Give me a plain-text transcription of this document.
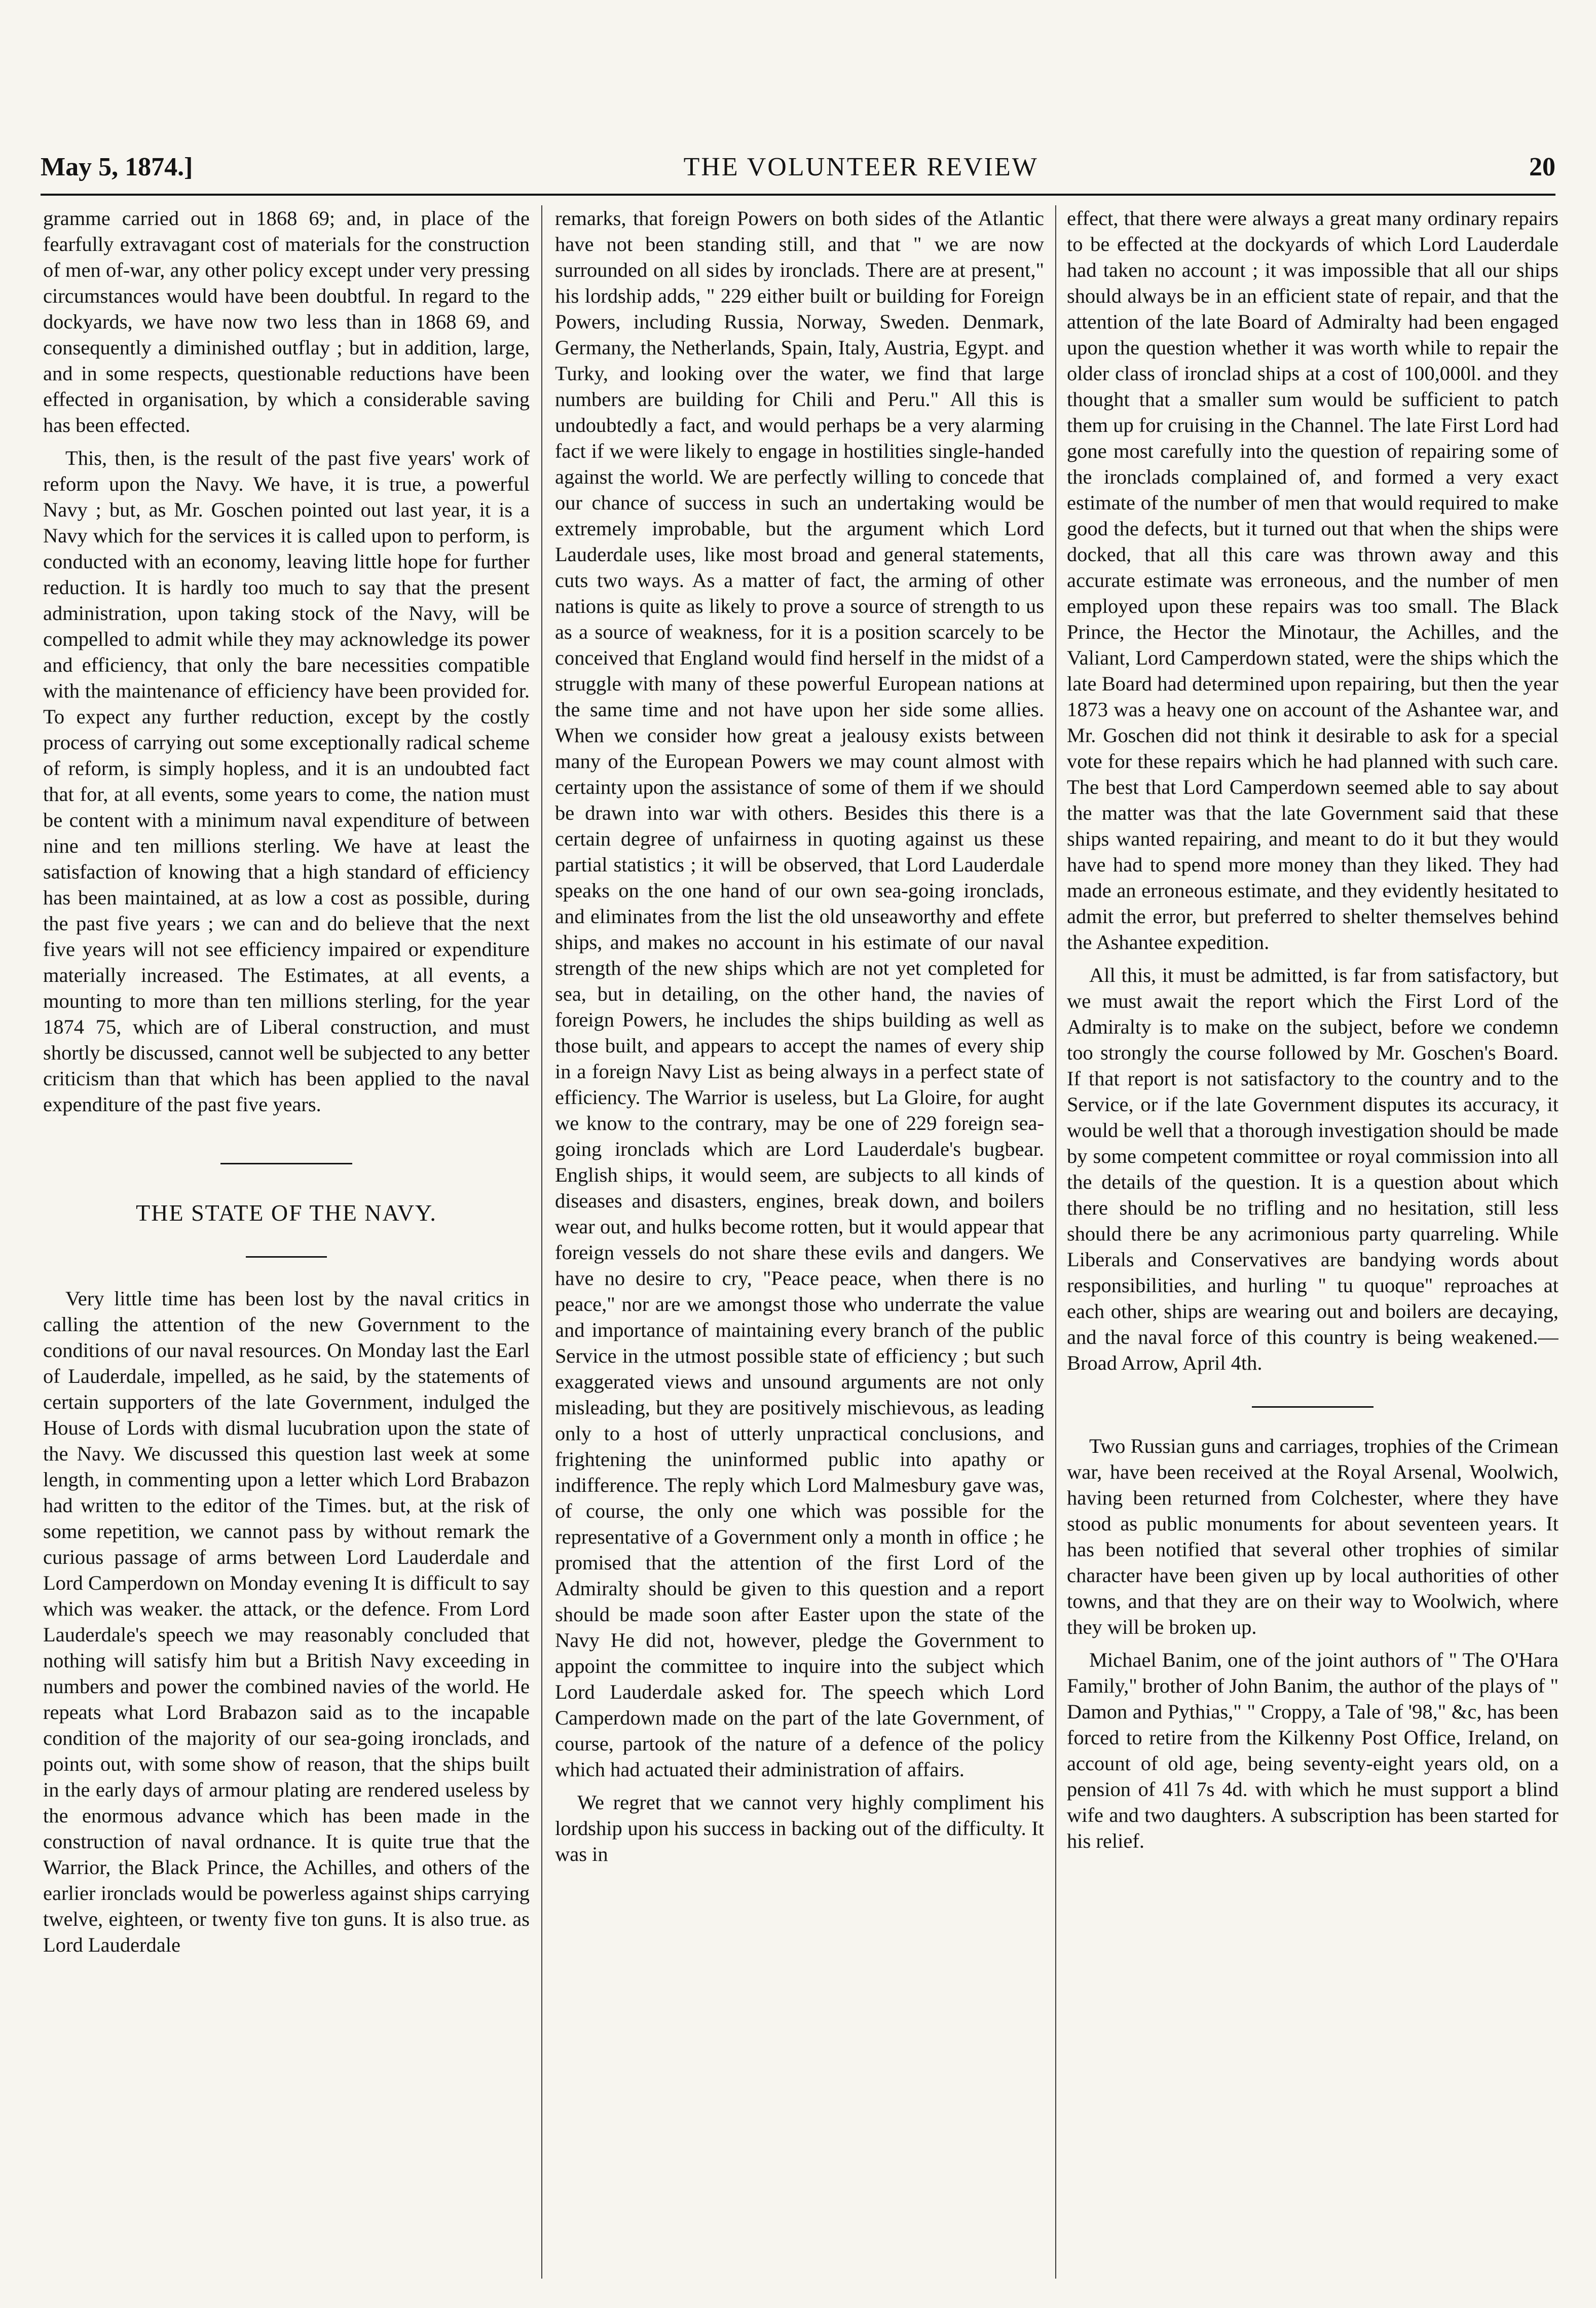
May 5, 1874.]	THE VOLUNTEER REVIEW	20

gramme carried out in 1868 69; and, in place of the fearfully extravagant cost of materials for the construction of men of-war, any other policy except under very pressing circumstances would have been doubtful. In regard to the dockyards, we have now two less than in 1868 69, and consequently a diminished outflay ; but in addition, large, and in some respects, questionable reductions have been effected in organisation, by which a considerable saving has been effected.

This, then, is the result of the past five years' work of reform upon the Navy. We have, it is true, a powerful Navy ; but, as Mr. Goschen pointed out last year, it is a Navy which for the services it is called upon to perform, is conducted with an economy, leaving little hope for further reduction. It is hardly too much to say that the present administration, upon taking stock of the Navy, will be compelled to admit while they may acknowledge its power and efficiency, that only the bare necessities compatible with the maintenance of efficiency have been provided for. To expect any further reduction, except by the costly process of carrying out some exceptionally radical scheme of reform, is simply hopless, and it is an undoubted fact that for, at all events, some years to come, the nation must be content with a minimum naval expenditure of between nine and ten millions sterling. We have at least the satisfaction of knowing that a high standard of efficiency has been maintained, at as low a cost as possible, during the past five years ; we can and do believe that the next five years will not see efficiency impaired or expenditure materially increased. The Estimates, at all events, a mounting to more than ten millions sterling, for the year 1874 75, which are of Liberal construction, and must shortly be discussed, cannot well be subjected to any better criticism than that which has been applied to the naval expenditure of the past five years.

THE STATE OF THE NAVY.

Very little time has been lost by the naval critics in calling the attention of the new Government to the conditions of our naval resources. On Monday last the Earl of Lauderdale, impelled, as he said, by the statements of certain supporters of the late Government, indulged the House of Lords with dismal lucubration upon the state of the Navy. We discussed this question last week at some length, in commenting upon a letter which Lord Brabazon had written to the editor of the Times. but, at the risk of some repetition, we cannot pass by without remark the curious passage of arms between Lord Lauderdale and Lord Camperdown on Monday evening It is difficult to say which was weaker. the attack, or the defence. From Lord Lauderdale's speech we may reasonably concluded that nothing will satisfy him but a British Navy exceeding in numbers and power the combined navies of the world. He repeats what Lord Brabazon said as to the incapable condition of the majority of our sea-going ironclads, and points out, with some show of reason, that the ships built in the early days of armour plating are rendered useless by the enormous advance which has been made in the construction of naval ordnance. It is quite true that the Warrior, the Black Prince, the Achilles, and others of the earlier ironclads would be powerless against ships carrying twelve, eighteen, or twenty five ton guns. It is also true. as Lord Lauderdale

remarks, that foreign Powers on both sides of the Atlantic have not been standing still, and that " we are now surrounded on all sides by ironclads. There are at present," his lordship adds, " 229 either built or building for Foreign Powers, including Russia, Norway, Sweden. Denmark, Germany, the Netherlands, Spain, Italy, Austria, Egypt. and Turky, and looking over the water, we find that large numbers are building for Chili and Peru." All this is undoubtedly a fact, and would perhaps be a very alarming fact if we were likely to engage in hostilities single-handed against the world. We are perfectly willing to concede that our chance of success in such an undertaking would be extremely improbable, but the argument which Lord Lauderdale uses, like most broad and general statements, cuts two ways. As a matter of fact, the arming of other nations is quite as likely to prove a source of strength to us as a source of weakness, for it is a position scarcely to be conceived that England would find herself in the midst of a struggle with many of these powerful European nations at the same time and not have upon her side some allies. When we consider how great a jealousy exists between many of the European Powers we may count almost with certainty upon the assistance of some of them if we should be drawn into war with others. Besides this there is a certain degree of unfairness in quoting against us these partial statistics ; it will be observed, that Lord Lauderdale speaks on the one hand of our own sea-going ironclads, and eliminates from the list the old unseaworthy and effete ships, and makes no account in his estimate of our naval strength of the new ships which are not yet completed for sea, but in detailing, on the other hand, the navies of foreign Powers, he includes the ships building as well as those built, and appears to accept the names of every ship in a foreign Navy List as being always in a perfect state of efficiency. The Warrior is useless, but La Gloire, for aught we know to the contrary, may be one of 229 foreign sea-going ironclads which are Lord Lauderdale's bugbear. English ships, it would seem, are subjects to all kinds of diseases and disasters, engines, break down, and boilers wear out, and hulks become rotten, but it would appear that foreign vessels do not share these evils and dangers. We have no desire to cry, "Peace peace, when there is no peace," nor are we amongst those who underrate the value and importance of maintaining every branch of the public Service in the utmost possible state of efficiency ; but such exaggerated views and unsound arguments are not only misleading, but they are positively mischievous, as leading only to a host of utterly unpractical conclusions, and frightening the uninformed public into apathy or indifference. The reply which Lord Malmesbury gave was, of course, the only one which was possible for the representative of a Government only a month in office ; he promised that the attention of the first Lord of the Admiralty should be given to this question and a report should be made soon after Easter upon the state of the Navy He did not, however, pledge the Government to appoint the committee to inquire into the subject which Lord Lauderdale asked for. The speech which Lord Camperdown made on the part of the late Government, of course, partook of the nature of a defence of the policy which had actuated their administration of affairs.

We regret that we cannot very highly compliment his lordship upon his success in backing out of the difficulty. It was in

effect, that there were always a great many ordinary repairs to be effected at the dockyards of which Lord Lauderdale had taken no account ; it was impossible that all our ships should always be in an efficient state of repair, and that the attention of the late Board of Admiralty had been engaged upon the question whether it was worth while to repair the older class of ironclad ships at a cost of 100,000l. and they thought that a smaller sum would be sufficient to patch them up for cruising in the Channel. The late First Lord had gone most carefully into the question of repairing some of the ironclads complained of, and formed a very exact estimate of the number of men that would required to make good the defects, but it turned out that when the ships were docked, that all this care was thrown away and this accurate estimate was erroneous, and the number of men employed upon these repairs was too small. The Black Prince, the Hector the Minotaur, the Achilles, and the Valiant, Lord Camperdown stated, were the ships which the late Board had determined upon repairing, but then the year 1873 was a heavy one on account of the Ashantee war, and Mr. Goschen did not think it desirable to ask for a special vote for these repairs which he had planned with such care. The best that Lord Camperdown seemed able to say about the matter was that the late Government said that these ships wanted repairing, and meant to do it but they would have had to spend more money than they liked. They had made an erroneous estimate, and they evidently hesitated to admit the error, but preferred to shelter themselves behind the Ashantee expedition.

All this, it must be admitted, is far from satisfactory, but we must await the report which the First Lord of the Admiralty is to make on the subject, before we condemn too strongly the course followed by Mr. Goschen's Board. If that report is not satisfactory to the country and to the Service, or if the late Government disputes its accuracy, it would be well that a thorough investigation should be made by some competent committee or royal commission into all the details of the question. It is a question about which there should be no trifling and no hesitation, still less should there be any acrimonious party quarreling. While Liberals and Conservatives are bandying words about responsibilities, and hurling " tu quoque" reproaches at each other, ships are wearing out and boilers are decaying, and the naval force of this country is being weakened.—Broad Arrow, April 4th.

Two Russian guns and carriages, trophies of the Crimean war, have been received at the Royal Arsenal, Woolwich, having been returned from Colchester, where they have stood as public monuments for about seventeen years. It has been notified that several other trophies of similar character have been given up by local authorities of other towns, and that they are on their way to Woolwich, where they will be broken up.

Michael Banim, one of the joint authors of " The O'Hara Family," brother of John Banim, the author of the plays of " Damon and Pythias," " Croppy, a Tale of '98," &c, has been forced to retire from the Kilkenny Post Office, Ireland, on account of old age, being seventy-eight years old, on a pension of 41l 7s 4d. with which he must support a blind wife and two daughters. A subscription has been started for his relief.
